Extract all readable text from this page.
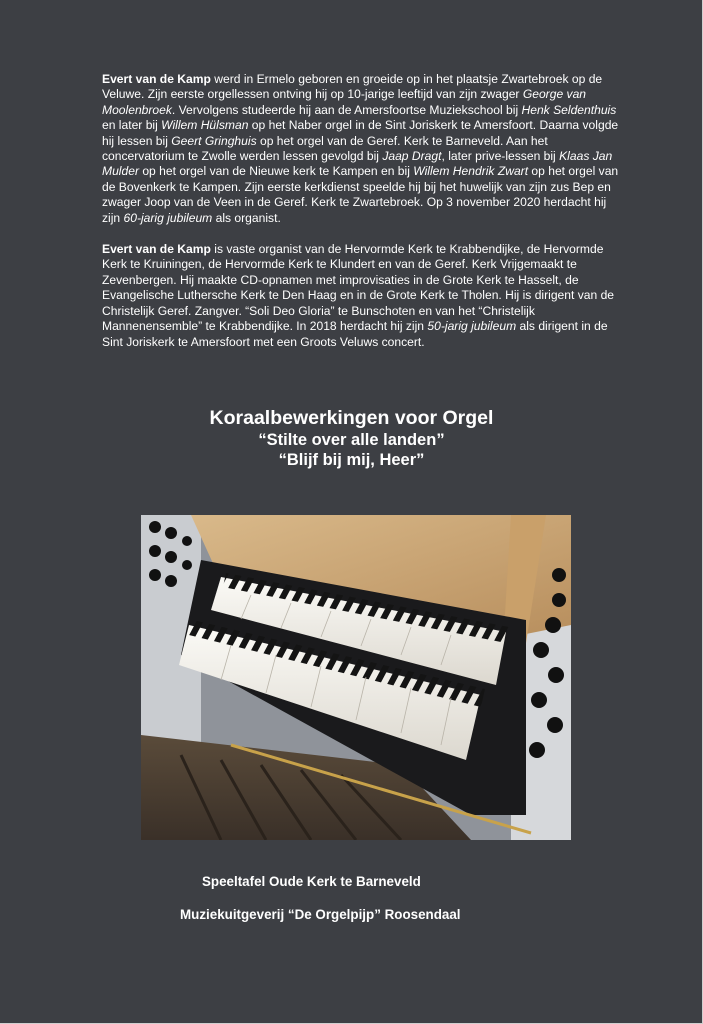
Evert van de Kamp werd in Ermelo geboren en groeide op in het plaatsje Zwartebroek op de Veluwe. Zijn eerste orgellessen ontving hij op 10-jarige leeftijd van zijn zwager George van Moolenbroek. Vervolgens studeerde hij aan de Amersfoortse Muziekschool bij Henk Seldenthuis en later bij Willem Hülsman op het Naber orgel in de Sint Joriskerk te Amersfoort. Daarna volgde hij lessen bij Geert Gringhuis op het orgel van de Geref. Kerk te Barneveld. Aan het concervatorium te Zwolle werden lessen gevolgd bij Jaap Dragt, later prive-lessen bij Klaas Jan Mulder op het orgel van de Nieuwe kerk te Kampen en bij Willem Hendrik Zwart op het orgel van de Bovenkerk te Kampen. Zijn eerste kerkdienst speelde hij bij het huwelijk van zijn zus Bep en zwager Joop van de Veen in de Geref. Kerk te Zwartebroek. Op 3 november 2020 herdacht hij zijn 60-jarig jubileum als organist.

Evert van de Kamp is vaste organist van de Hervormde Kerk te Krabbendijke, de Hervormde Kerk te Kruiningen, de Hervormde Kerk te Klundert en van de Geref. Kerk Vrijgemaakt te Zevenbergen. Hij maakte CD-opnamen met improvisaties in de Grote Kerk te Hasselt, de Evangelische Luthersche Kerk te Den Haag en in de Grote Kerk te Tholen. Hij is dirigent van de Christelijk Geref. Zangver. “Soli Deo Gloria” te Bunschoten en van het “Christelijk Mannenensemble” te Krabbendijke. In 2018 herdacht hij zijn 50-jarig jubileum als dirigent in de Sint Joriskerk te Amersfoort met een Groots Veluws concert.

Koraalbewerkingen voor Orgel
“Stilte over alle landen”
“Blijf bij mij, Heer”
Speeltafel Oude Kerk te Barneveld
Muziekuitgeverij “De Orgelpijp” Roosendaal
